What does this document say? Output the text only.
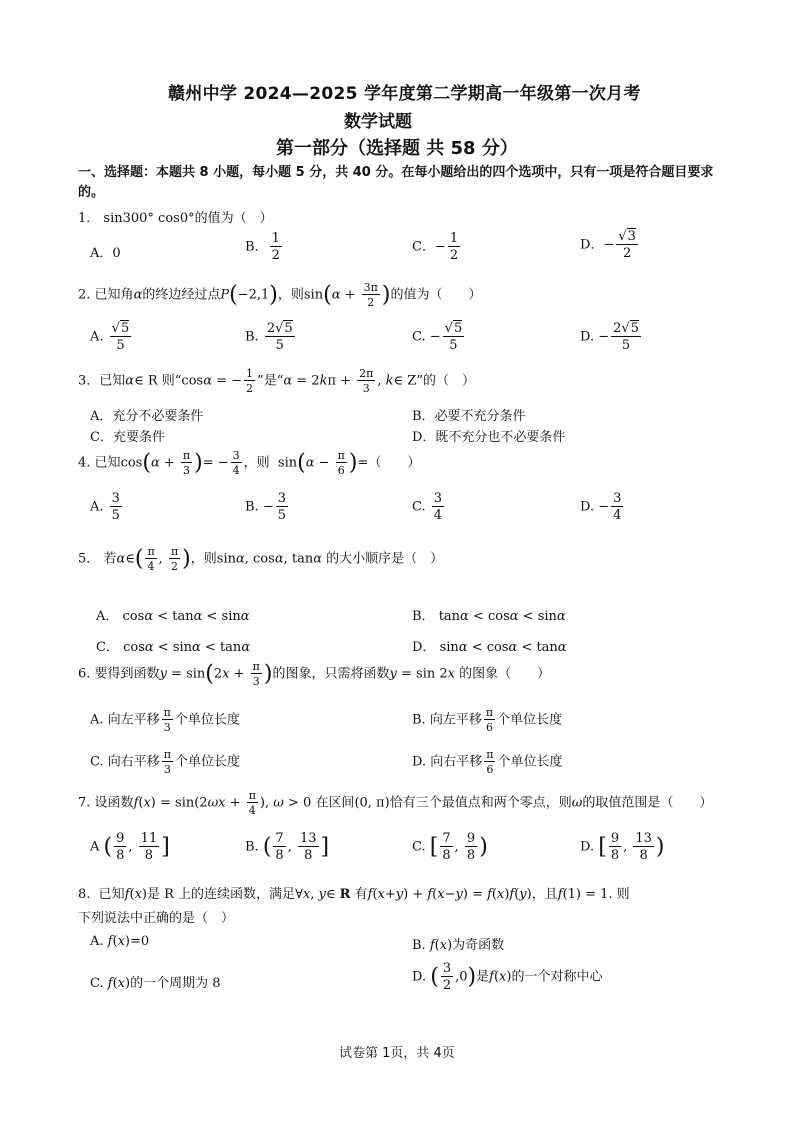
赣州中学 2024—2025 学年度第二学期高一年级第一次月考
数学试题
第一部分（选择题 共 58 分）
一、选择题：本题共 8 小题，每小题 5 分，共 40 分。在每小题给出的四个选项中，只有一项是符合题目要求的。
1． sin300° cos0°的值为（　）
A．0	B． $\frac{1}{2}$	C．− $\frac{1}{2}$	D．− $\frac{√3}{2}$
2. 已知角α的终边经过点P(−2,1)，则$\sin(\alpha + \frac{3\pi}{2}$ )的值为（　　）
A. $\frac{√5}{5}$	B. $\frac{2√5}{5}$	C. − $\frac{√5}{5}$	D. − $\frac{2√5}{5}$
3．已知α∈ R 则“cosα = − $\frac{1}{2}$ ”是“$\alpha = 2k\pi + \frac{2\pi}{3}$ , k∈ Z”的（　）
A．充分不必要条件	B．必要不充分条件
C．充要条件	D．既不充分也不必要条件
4. 已知$\cos(\alpha + \frac{\pi}{3}$ )= − $\frac{3}{4}$ ，则  $\sin(\alpha - \frac{\pi}{6}$ )=（　　）
A. $\frac{3}{5}$	B. − $\frac{3}{5}$	C. $\frac{3}{4}$	D. − $\frac{3}{4}$
5． 若α∈( $\frac{\pi}{4}$ , $\frac{\pi}{2}$ )，则sinα, cosα, tanα 的大小顺序是（　）
A． cosα < tanα < sinα	B． tanα < cosα < sinα
C． cosα < sinα < tanα	D． sinα < cosα < tanα
6. 要得到函数$y = \sin(2x + \frac{\pi}{3}$ )的图象，只需将函数y = sin 2x 的图象（　　）
A. 向左平移 $\frac{\pi}{3}$ 个单位长度	B. 向左平移 $\frac{\pi}{6}$ 个单位长度
C. 向右平移 $\frac{\pi}{3}$ 个单位长度	D. 向右平移 $\frac{\pi}{6}$ 个单位长度
7. 设函数$f(x) = \sin(2\omega x + \frac{\pi}{4}$ ), ω > 0 在区间(0, π)恰有三个最值点和两个零点，则ω的取值范围是（　　）
A ( $\frac{9}{8}$ , $\frac{11}{8}$ ]	B. ( $\frac{7}{8}$ , $\frac{13}{8}$ ]	C. [ $\frac{7}{8}$ , $\frac{9}{8}$ )	D. [ $\frac{9}{8}$ , $\frac{13}{8}$ )
8. 已知f(x)是 R 上的连续函数，满足∀x, y∈ R 有f(x+y) + f(x−y) = f(x)f(y)，且f(1) = 1. 则
下列说法中正确的是（　）
A. f(x)=0	B. f(x)为奇函数
C. f(x)的一个周期为 8	D. ( $\frac{3}{2} ,0$)是f(x)的一个对称中心
试卷第 1页，共 4页
